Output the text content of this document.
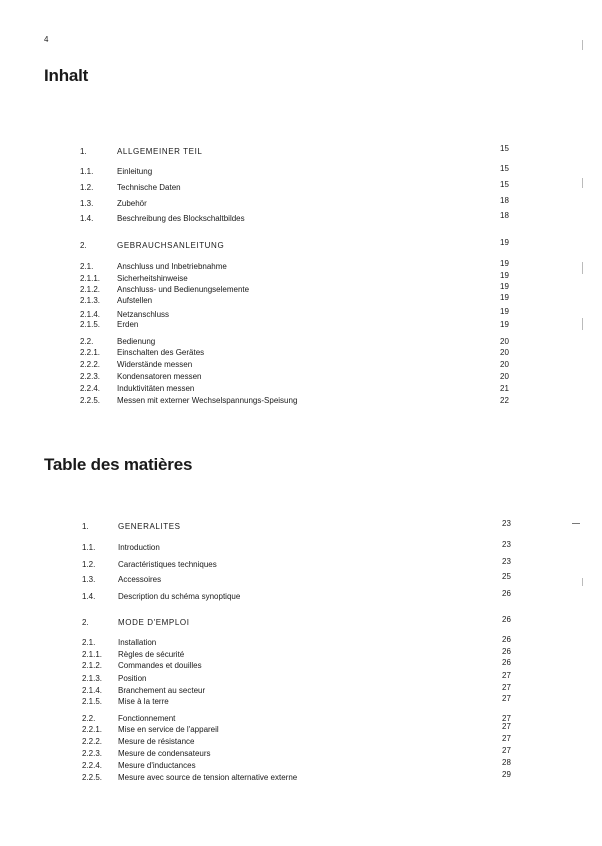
4
Inhalt
Table des matières
1.	ALLGEMEINER TEIL	15
1.1.	Einleitung	15
1.2.	Technische Daten	15
1.3.	Zubehör	18
1.4.	Beschreibung des Blockschaltbildes	18
2.	GEBRAUCHSANLEITUNG	19
2.1.	Anschluss und Inbetriebnahme	19
2.1.1. Sicherheitshinweise	19
2.1.2. Anschluss- und Bedienungselemente	19
2.1.3. Aufstellen	19
2.1.4. Netzanschluss	19
2.1.5. Erden	19
2.2.	Bedienung	20
2.2.1. Einschalten des Gerätes	20
2.2.2. Widerstände messen	20
2.2.3. Kondensatoren messen	20
2.2.4. Induktivitäten messen	21
2.2.5. Messen mit externer Wechselspannungs-Speisung	22
1.	GENERALITES	23
1.1.	Introduction	23
1.2.	Caractéristiques techniques	23
1.3.	Accessoires	25
1.4.	Description du schéma synoptique	26
2.	MODE D'EMPLOI	26
2.1.	Installation	26
2.1.1. Règles de sécurité	26
2.1.2. Commandes et douilles	26
2.1.3. Position	27
2.1.4. Branchement au secteur	27
2.1.5. Mise à la terre	27
2.2.	Fonctionnement	27
2.2.1. Mise en service de l'appareil	27
2.2.2. Mesure de résistance	27
2.2.3. Mesure de condensateurs	27
2.2.4. Mesure d'inductances	28
2.2.5. Mesure avec source de tension alternative externe	29
